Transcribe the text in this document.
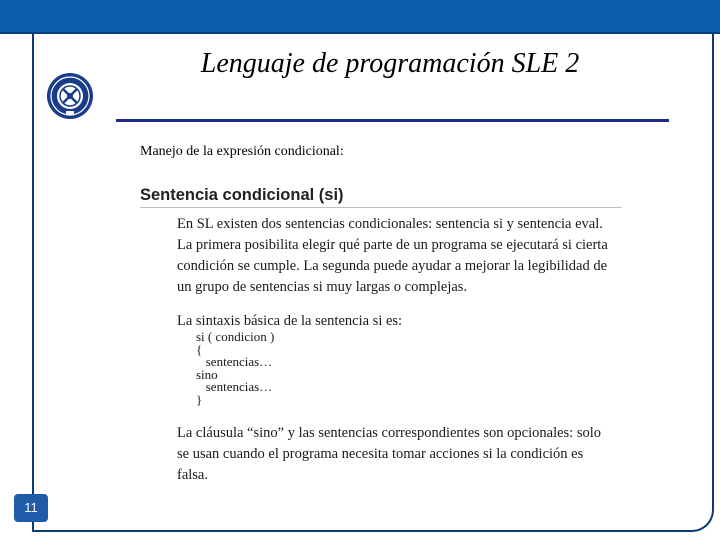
Lenguaje de programación SLE 2
Manejo de la expresión condicional:
Sentencia condicional (si)
En SL existen dos sentencias condicionales: sentencia si y sentencia eval.
La primera posibilita elegir qué parte de un programa se ejecutará si cierta
condición se cumple. La segunda puede ayudar a mejorar la legibilidad de
un grupo de sentencias si muy largas o complejas.
La sintaxis básica de la sentencia si es:
si ( condicion )
{
sentencias…
sino
sentencias…
}
La cláusula “sino” y las sentencias correspondientes son opcionales: solo
se usan cuando el programa necesita tomar acciones si la condición es
falsa.
11
